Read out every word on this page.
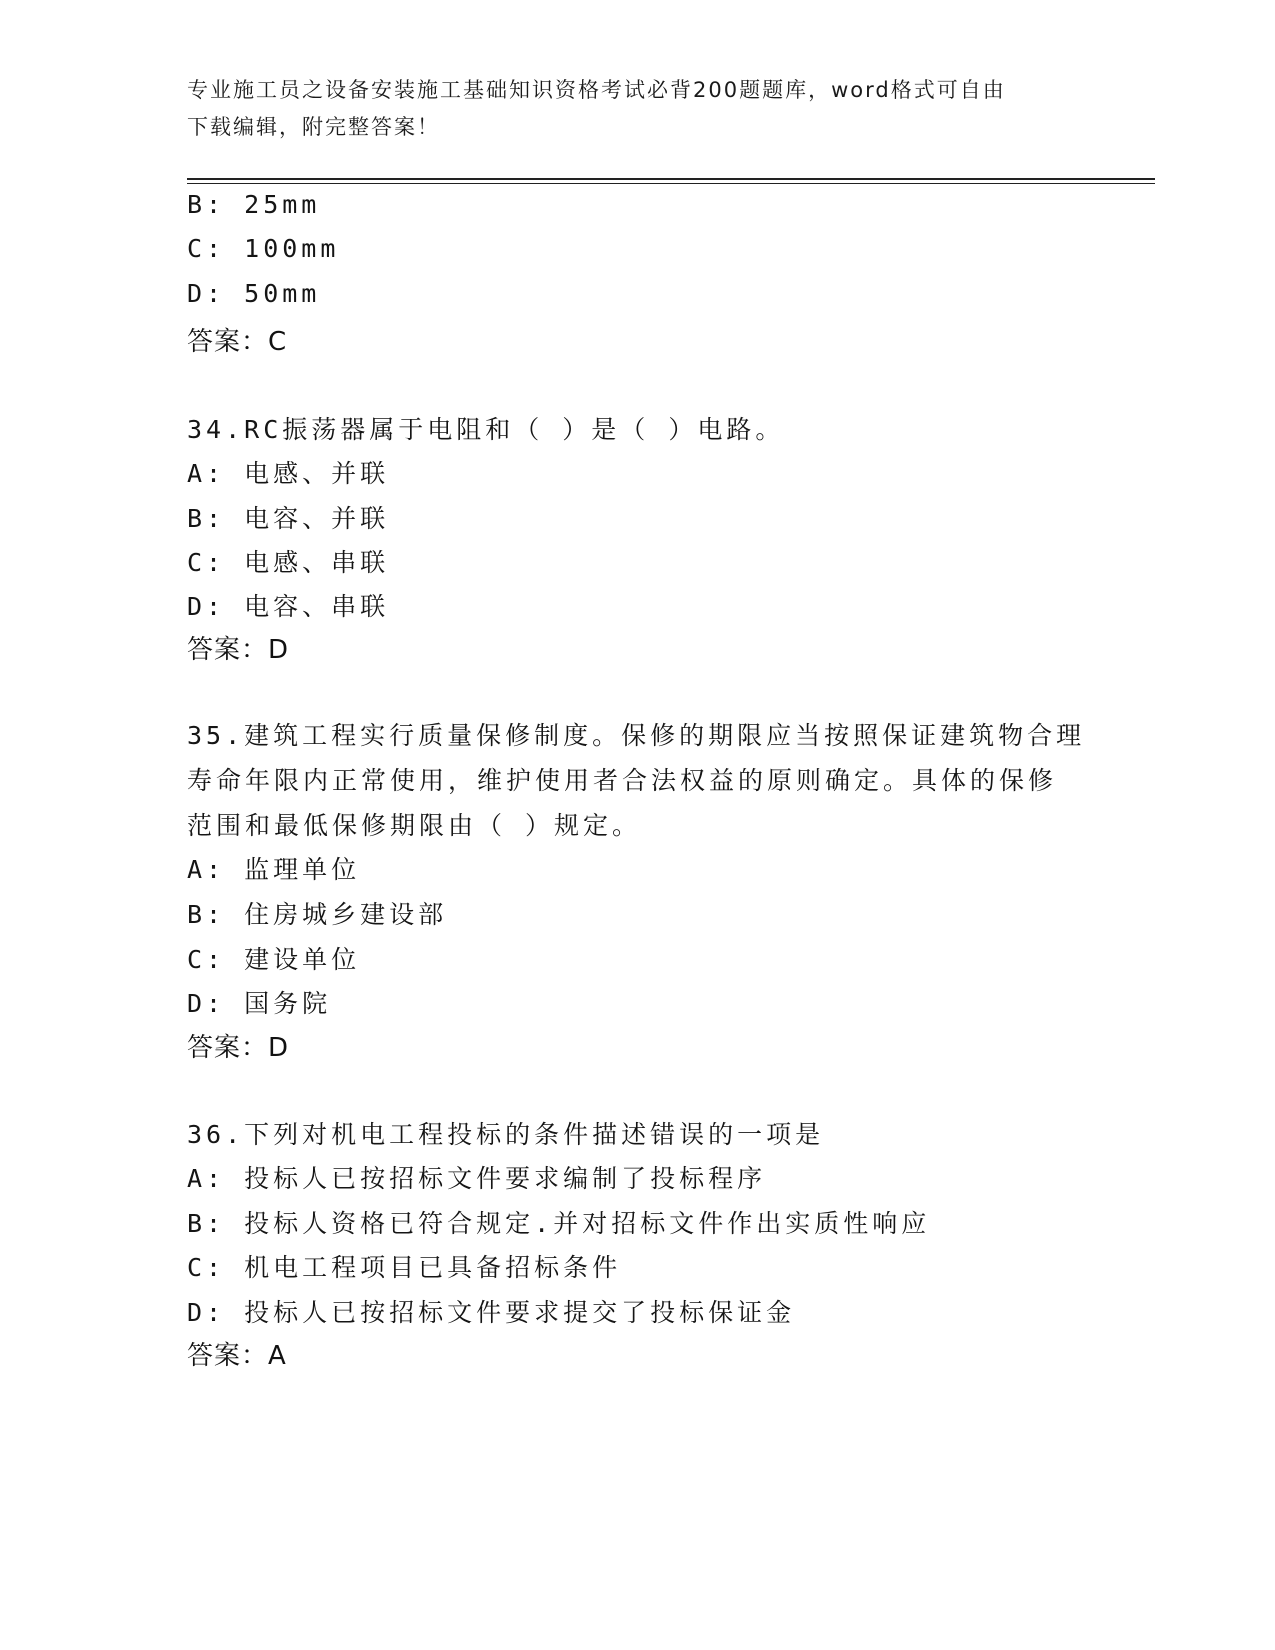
专业施工员之设备安装施工基础知识资格考试必背200题题库，word格式可自由
下载编辑，附完整答案！
B: 25mm
C: 100mm
D: 50mm
答案：C
34.RC振荡器属于电阻和（ ）是（ ）电路。
A: 电感、并联
B: 电容、并联
C: 电感、串联
D: 电容、串联
答案：D
35.建筑工程实行质量保修制度。保修的期限应当按照保证建筑物合理
寿命年限内正常使用，维护使用者合法权益的原则确定。具体的保修
范围和最低保修期限由（ ）规定。
A: 监理单位
B: 住房城乡建设部
C: 建设单位
D: 国务院
答案：D
36.下列对机电工程投标的条件描述错误的一项是
A: 投标人已按招标文件要求编制了投标程序
B: 投标人资格已符合规定.并对招标文件作出实质性响应
C: 机电工程项目已具备招标条件
D: 投标人已按招标文件要求提交了投标保证金
答案：A
